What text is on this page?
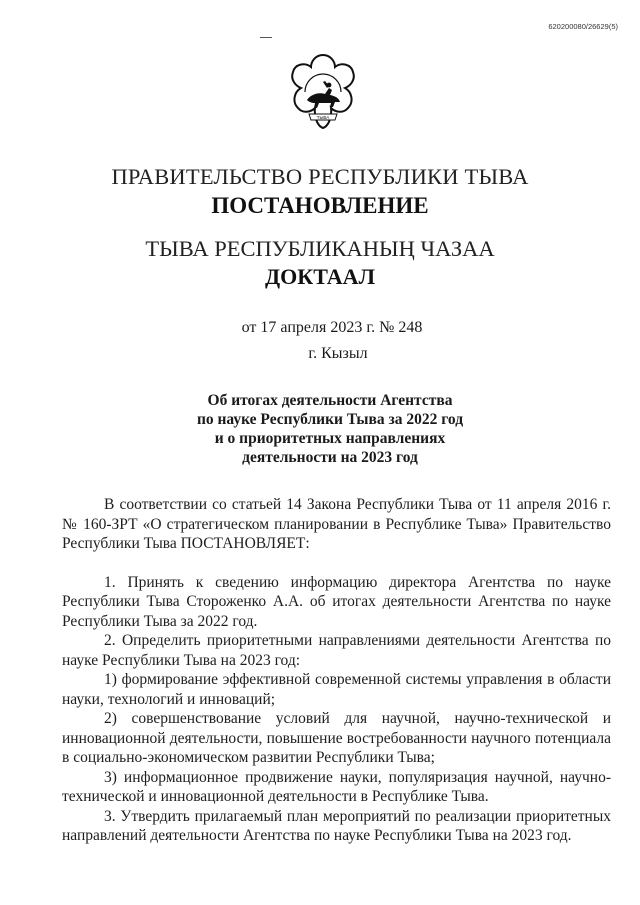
620200080/26629(5)
ТЫВА
ПРАВИТЕЛЬСТВО РЕСПУБЛИКИ ТЫВА
ПОСТАНОВЛЕНИЕ
ТЫВА РЕСПУБЛИКАНЫҢ ЧАЗАА
ДОКТААЛ
от 17 апреля 2023 г. № 248
г. Кызыл
Об итогах деятельности Агентства
по науке Республики Тыва за 2022 год
и о приоритетных направлениях
деятельности на 2023 год

В соответствии со статьей 14 Закона Республики Тыва от 11 апреля 2016 г. № 160-ЗРТ «О стратегическом планировании в Республике Тыва» Правительство Республики Тыва ПОСТАНОВЛЯЕТ:

1. Принять к сведению информацию директора Агентства по науке Республики Тыва Стороженко А.А. об итогах деятельности Агентства по науке Республики Тыва за 2022 год.

2. Определить приоритетными направлениями деятельности Агентства по науке Республики Тыва на 2023 год:

1) формирование эффективной современной системы управления в области науки, технологий и инноваций;

2) совершенствование условий для научной, научно-технической и инновационной деятельности, повышение востребованности научного потенциала в социально-экономическом развитии Республики Тыва;

3) информационное продвижение науки, популяризация научной, научно-технической и инновационной деятельности в Республике Тыва.

3. Утвердить прилагаемый план мероприятий по реализации приоритетных направлений деятельности Агентства по науке Республики Тыва на 2023 год.
